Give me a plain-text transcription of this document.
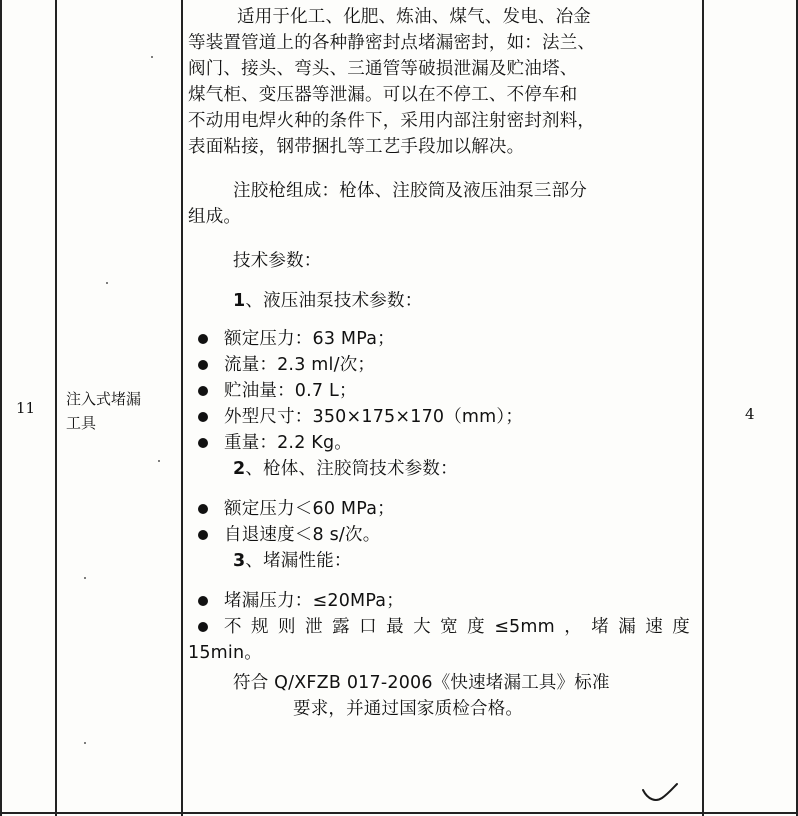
11 注入式堵漏
工具	4

适用于化工、化肥、炼油、煤气、发电、冶金

等装置管道上的各种静密封点堵漏密封，如：法兰、

阀门、接头、弯头、三通管等破损泄漏及贮油塔、

煤气柜、变压器等泄漏。可以在不停工、不停车和

不动用电焊火种的条件下，采用内部注射密封剂料，

表面粘接，钢带捆扎等工艺手段加以解决。

注胶枪组成：枪体、注胶筒及液压油泵三部分

组成。

技术参数：

1、液压油泵技术参数：

额定压力：63 MPa；
流量：2.3 ml/次；
贮油量：0.7 L；
外型尺寸：350×175×170（mm）；
重量：2.2 Kg。

2、枪体、注胶筒技术参数：

额定压力＜60 MPa；
自退速度＜8 s/次。

3、堵漏性能：

堵漏压力：≤20MPa；
不规则泄露口最大宽度≤5mm，堵漏速度

15min。

符合 Q/XFZB 017-2006《快速堵漏工具》标准

要求，并通过国家质检合格。
